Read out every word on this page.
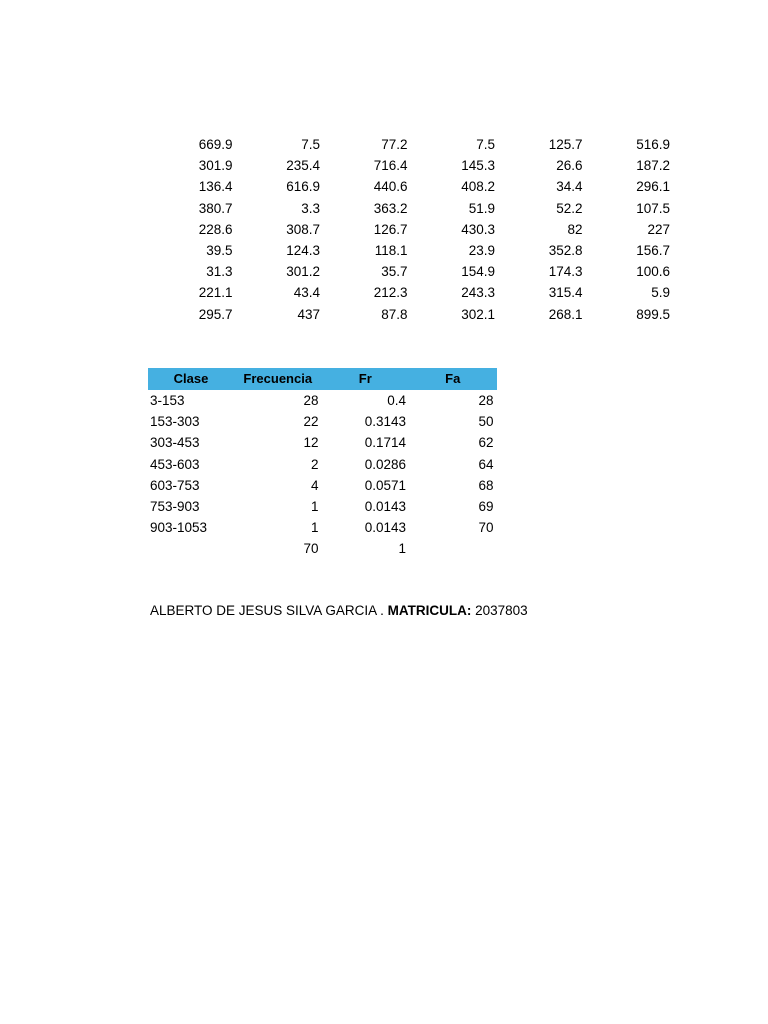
669.9	7.5	77.2	7.5	125.7	516.9
301.9	235.4	716.4	145.3	26.6	187.2
136.4	616.9	440.6	408.2	34.4	296.1
380.7	3.3	363.2	51.9	52.2	107.5
228.6	308.7	126.7	430.3	82	227
39.5	124.3	118.1	23.9	352.8	156.7
31.3	301.2	35.7	154.9	174.3	100.6
221.1	43.4	212.3	243.3	315.4	5.9
295.7	437	87.8	302.1	268.1	899.5
Clase	Frecuencia	Fr	Fa
3-153	28	0.4	28
153-303	22	0.3143	50
303-453	12	0.1714	62
453-603	2	0.0286	64
603-753	4	0.0571	68
753-903	1	0.0143	69
903-1053	1	0.0143	70
	70	1	
ALBERTO DE JESUS SILVA GARCIA . MATRICULA: 2037803
